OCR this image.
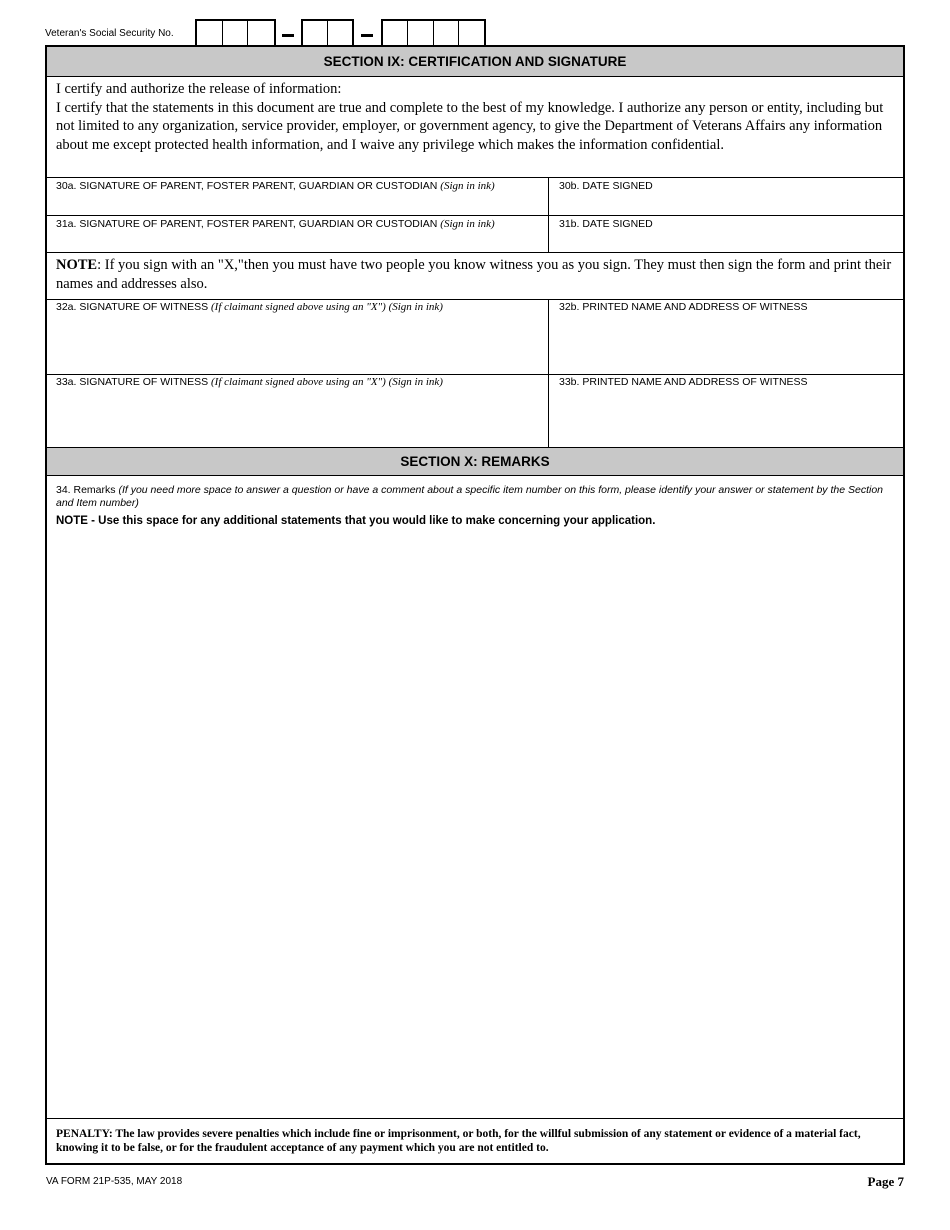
Veteran's Social Security No.
SECTION IX: CERTIFICATION AND SIGNATURE
I certify and authorize the release of information:
I certify that the statements in this document are true and complete to the best of my knowledge. I authorize any person or entity, including but not limited to any organization, service provider, employer, or government agency, to give the Department of Veterans Affairs any information about me except protected health information, and I waive any privilege which makes the information confidential.
30a. SIGNATURE OF PARENT, FOSTER PARENT, GUARDIAN OR CUSTODIAN (Sign in ink)	30b. DATE SIGNED
31a. SIGNATURE OF PARENT, FOSTER PARENT, GUARDIAN OR CUSTODIAN (Sign in ink)	31b. DATE SIGNED
NOTE: If you sign with an "X,"then you must have two people you know witness you as you sign. They must then sign the form and print their names and addresses also.
32a. SIGNATURE OF WITNESS (If claimant signed above using an "X") (Sign in ink)	32b. PRINTED NAME AND ADDRESS OF WITNESS
33a. SIGNATURE OF WITNESS (If claimant signed above using an "X") (Sign in ink)	33b. PRINTED NAME AND ADDRESS OF WITNESS
SECTION X: REMARKS
34. Remarks (If you need more space to answer a question or have a comment about a specific item number on this form, please identify your answer or statement by the Section and Item number)
NOTE - Use this space for any additional statements that you would like to make concerning your application.
PENALTY: The law provides severe penalties which include fine or imprisonment, or both, for the willful submission of any statement or evidence of a material fact, knowing it to be false, or for the fraudulent acceptance of any payment which you are not entitled to.
VA FORM 21P-535, MAY 2018	Page 7
